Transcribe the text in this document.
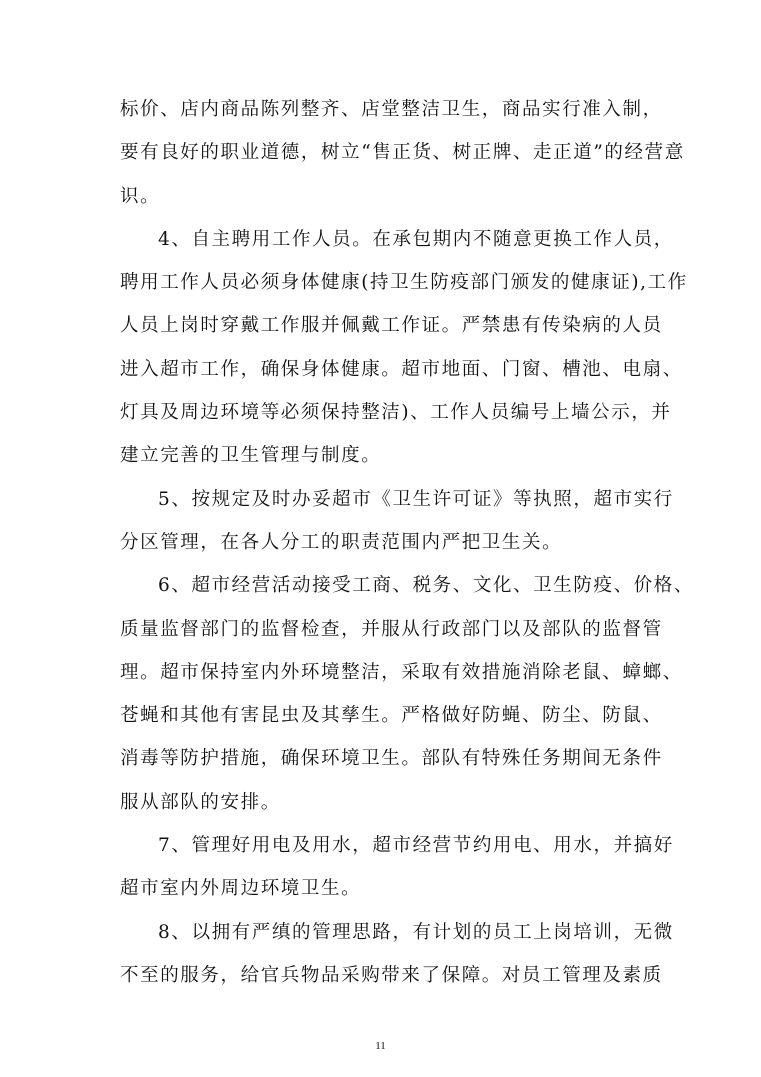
标价、店内商品陈列整齐、店堂整洁卫生，商品实行准入制，
要有良好的职业道德，树立“售正货、树正牌、走正道”的经营意
识。
4、自主聘用工作人员。在承包期内不随意更换工作人员，
聘用工作人员必须身体健康(持卫生防疫部门颁发的健康证),工作
人员上岗时穿戴工作服并佩戴工作证。严禁患有传染病的人员
进入超市工作，确保身体健康。超市地面、门窗、槽池、电扇、
灯具及周边环境等必须保持整洁)、工作人员编号上墙公示，并
建立完善的卫生管理与制度。
5、按规定及时办妥超市《卫生许可证》等执照，超市实行
分区管理，在各人分工的职责范围内严把卫生关。
6、超市经营活动接受工商、税务、文化、卫生防疫、价格、
质量监督部门的监督检查，并服从行政部门以及部队的监督管
理。超市保持室内外环境整洁，采取有效措施消除老鼠、蟑螂、
苍蝇和其他有害昆虫及其孳生。严格做好防蝇、防尘、防鼠、
消毒等防护措施，确保环境卫生。部队有特殊任务期间无条件
服从部队的安排。
7、管理好用电及用水，超市经营节约用电、用水，并搞好
超市室内外周边环境卫生。
8、以拥有严缜的管理思路，有计划的员工上岗培训，无微
不至的服务，给官兵物品采购带来了保障。对员工管理及素质
11
